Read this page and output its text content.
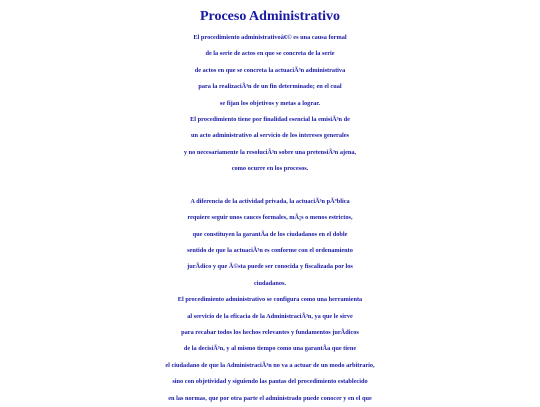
Proceso Administrativo
El procedimiento administrativoâ€© es una causa formal
de la serie de actos en que se concreta de la serie
de actos en que se concreta la actuaciÃ³n administrativa
para la realizaciÃ³n de un fin determinado; en el cual
se fijan los objetivos y metas a lograr.
El procedimiento tiene por finalidad esencial la emisiÃ³n de
un acto administrativo al servicio de los intereses generales
y no necesariamente la resoluciÃ³n sobre una pretensiÃ³n ajena,
como ocurre en los procesos.
A diferencia de la actividad privada, la actuaciÃ³n pÃºblica
requiere seguir unos cauces formales, mÃ¡s o menos estrictos,
que constituyen la garantÃa de los ciudadanos en el doble
sentido de que la actuaciÃ³n es conforme con el ordenamiento
jurÃdico y que Ã©sta puede ser conocida y fiscalizada por los
ciudadanos.
El procedimiento administrativo se configura como una herramienta
al servicio de la eficacia de la AdministraciÃ³n, ya que le sirve
para recabar todos los hechos relevantes y fundamentos jurÃdicos
de la decisiÃ³n, y al mismo tiempo como una garantÃa que tiene
el ciudadano de que la AdministraciÃ³n no va a actuar de un modo arbitrario,
sino con objetividad y siguiendo las pautas del procedimiento establecido
en las normas, que por otra parte el administrado puede conocer y en el que
